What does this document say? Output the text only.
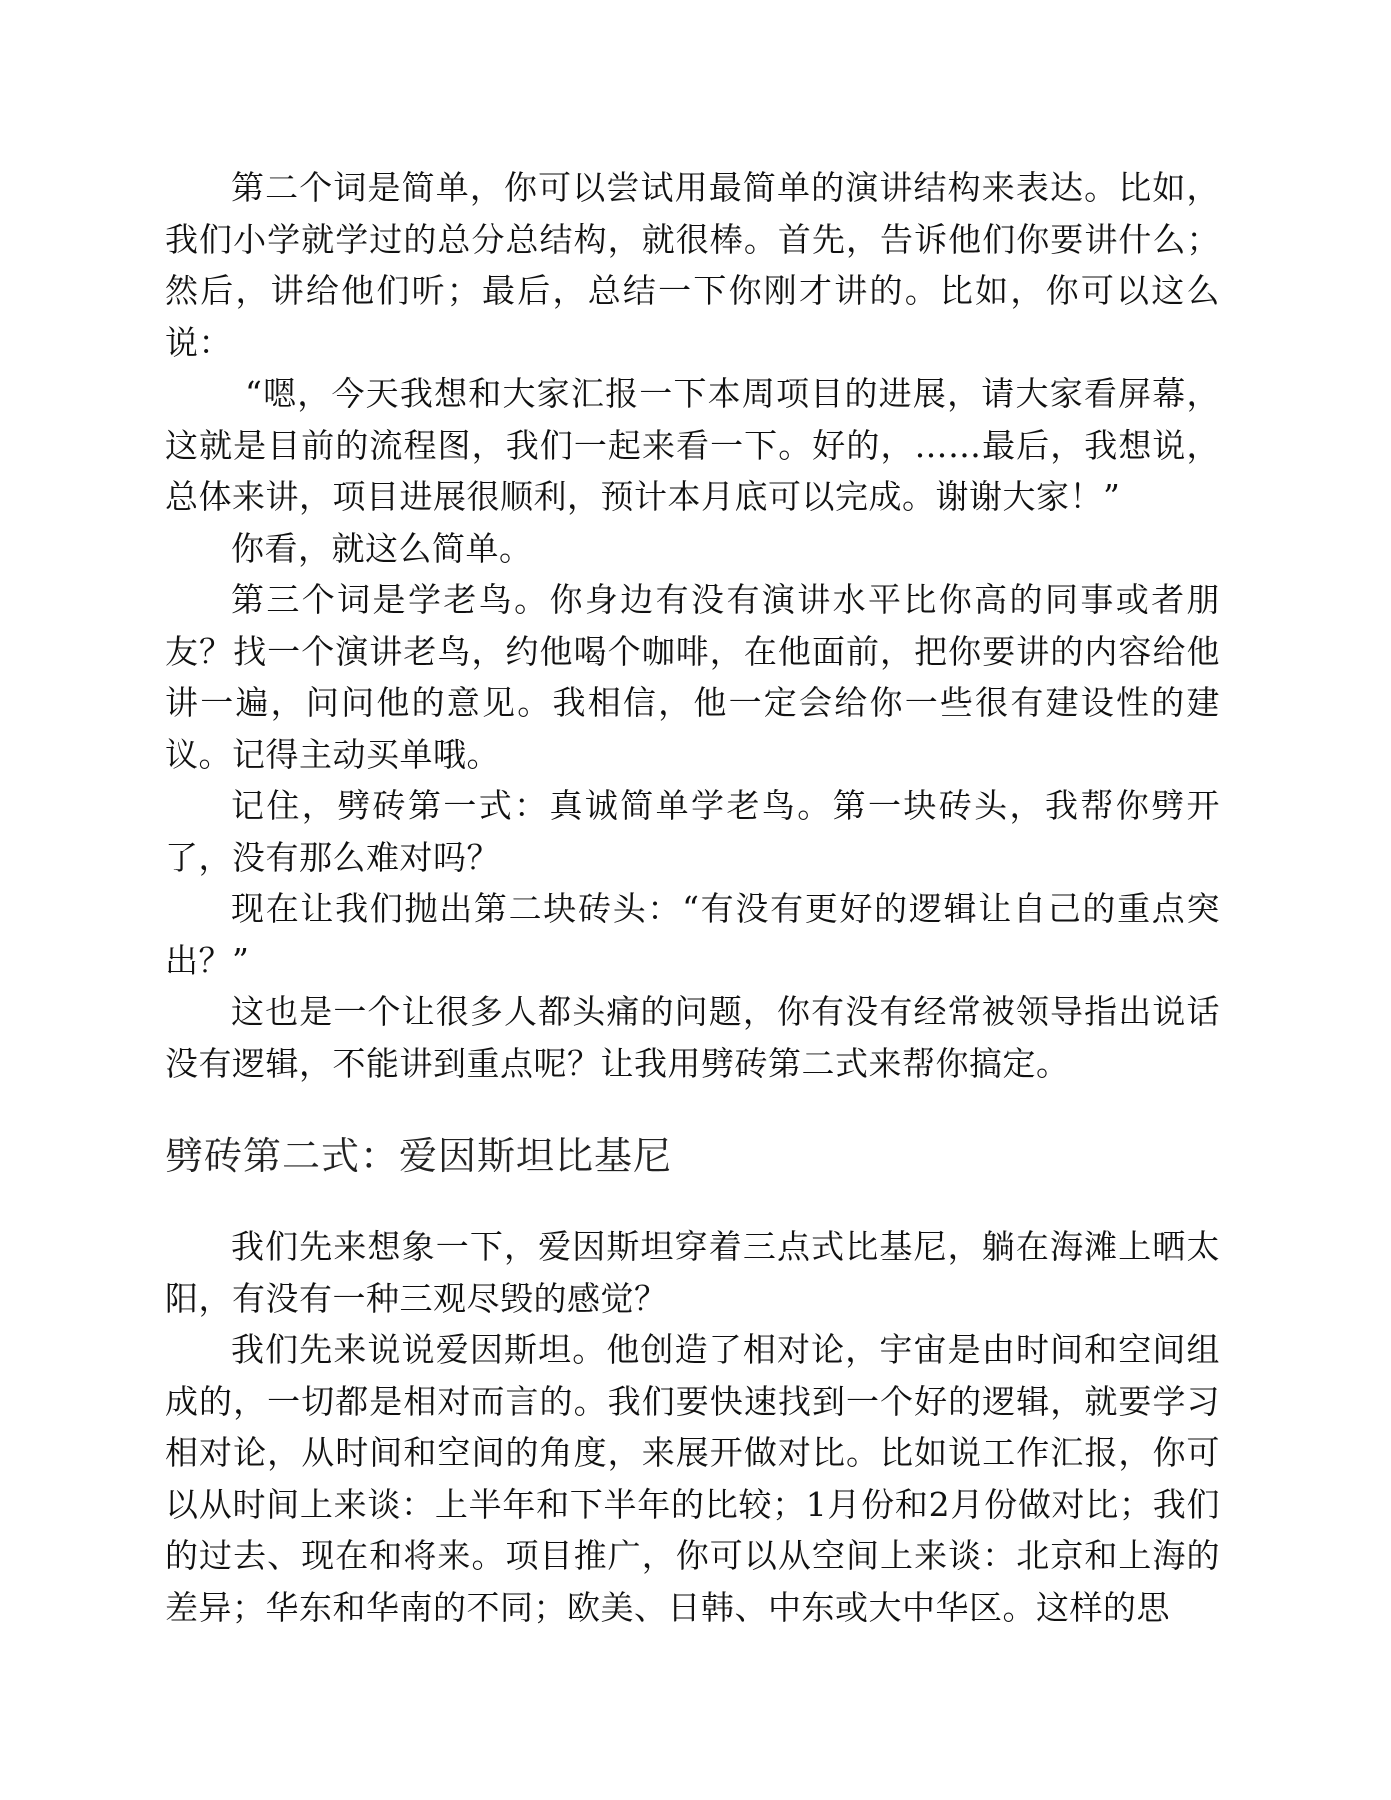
第二个词是简单，你可以尝试用最简单的演讲结构来表达。比如，我们小学就学过的总分总结构，就很棒。首先，告诉他们你要讲什么；然后，讲给他们听；最后，总结一下你刚才讲的。比如，你可以这么说：

“嗯，今天我想和大家汇报一下本周项目的进展，请大家看屏幕，这就是目前的流程图，我们一起来看一下。好的，……最后，我想说，总体来讲，项目进展很顺利，预计本月底可以完成。谢谢大家！”

你看，就这么简单。

第三个词是学老鸟。你身边有没有演讲水平比你高的同事或者朋友？找一个演讲老鸟，约他喝个咖啡，在他面前，把你要讲的内容给他讲一遍，问问他的意见。我相信，他一定会给你一些很有建设性的建议。记得主动买单哦。

记住，劈砖第一式：真诚简单学老鸟。第一块砖头，我帮你劈开了，没有那么难对吗？

现在让我们抛出第二块砖头：“有没有更好的逻辑让自己的重点突出？”

这也是一个让很多人都头痛的问题，你有没有经常被领导指出说话没有逻辑，不能讲到重点呢？让我用劈砖第二式来帮你搞定。

劈砖第二式：爱因斯坦比基尼

我们先来想象一下，爱因斯坦穿着三点式比基尼，躺在海滩上晒太阳，有没有一种三观尽毁的感觉？

我们先来说说爱因斯坦。他创造了相对论，宇宙是由时间和空间组成的，一切都是相对而言的。我们要快速找到一个好的逻辑，就要学习相对论，从时间和空间的角度，来展开做对比。比如说工作汇报，你可以从时间上来谈：上半年和下半年的比较；1月份和2月份做对比；我们的过去、现在和将来。项目推广，你可以从空间上来谈：北京和上海的差异；华东和华南的不同；欧美、日韩、中东或大中华区。这样的思
